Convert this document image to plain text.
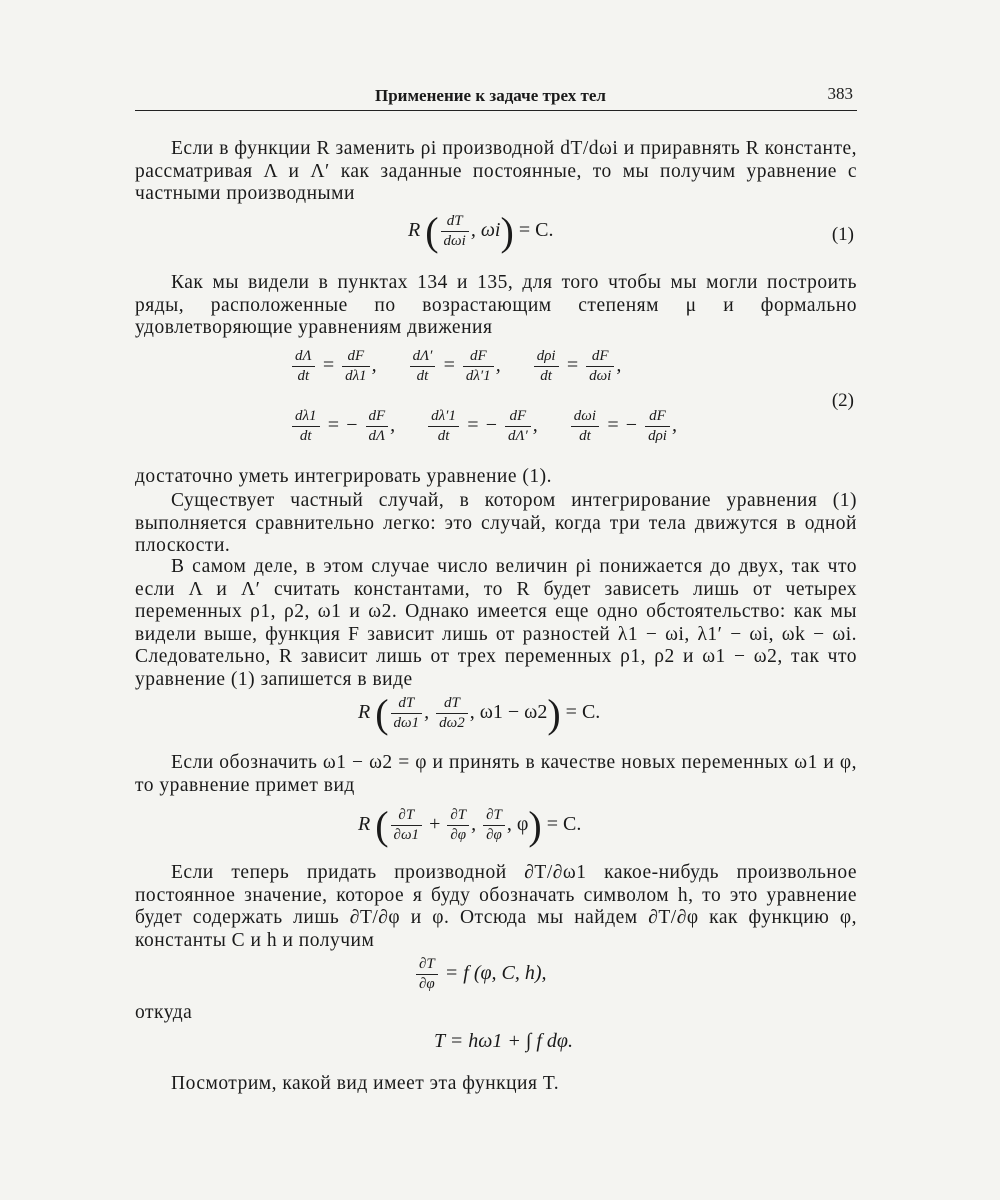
Применение к задаче трех тел	383
Если в функции R заменить ρi производной dT/dωi и приравнять R константе, рассматривая Λ и Λ′ как заданные постоянные, то мы получим уравнение с частными производными
R ( $\frac{dT}{\text{dωi}}$ , ωi) = C.	(1)
Как мы видели в пунктах 134 и 135, для того чтобы мы могли построить ряды, расположенные по возрастающим степеням μ и формально удовлетворяющие уравнениям движения
$\frac{d\Lambda}{dt} = \frac{dF}{d\lambda 1}$ , $\frac{d\Lambda'}{dt} = \frac{dF}{d\lambda'1}$ , $\frac{\text{dρi}}{dt} = \frac{dF}{\text{dωi}}$ ,
$\frac{d\lambda 1}{dt}$ = − $\frac{dF}{d\Lambda}$ , $\frac{d\lambda'1}{dt}$ = − $\frac{dF}{d\Lambda'}$ , $\frac{\text{dωi}}{dt}$ = − $\frac{dF}{\text{dρi}}$ ,
(2)
достаточно уметь интегрировать уравнение (1).
Существует частный случай, в котором интегрирование уравнения (1) выполняется сравнительно легко: это случай, когда три тела движутся в одной плоскости.
В самом деле, в этом случае число величин ρi понижается до двух, так что если Λ и Λ′ считать константами, то R будет зависеть лишь от четырех переменных ρ1, ρ2, ω1 и ω2. Однако имеется еще одно обстоятельство: как мы видели выше, функция F зависит лишь от разностей λ1 − ωi, λ1′ − ωi, ωk − ωi. Следовательно, R зависит лишь от трех переменных ρ1, ρ2 и ω1 − ω2, так что уравнение (1) запишется в виде
R ( $\frac{dT}{d\omega 1}$ , $\frac{dT}{d\omega 2}$ , ω1 − ω2) = C.
Если обозначить ω1 − ω2 = φ и принять в качестве новых переменных ω1 и φ, то уравнение примет вид
R ( $\frac{\partial T}{\partial\omega 1} + \frac{\partial T}{\partial\varphi}$ , $\frac{\partial T}{\partial\varphi}$ , φ) = C.
Если теперь придать производной ∂T/∂ω1 какое-нибудь произвольное постоянное значение, которое я буду обозначать символом h, то это уравнение будет содержать лишь ∂T/∂φ и φ. Отсюда мы найдем ∂T/∂φ как функцию φ, константы C и h и получим
$\frac{\partial T}{\partial\varphi} = f$ (φ, C, h),
откуда
T = hω1 + ∫ f dφ.
Посмотрим, какой вид имеет эта функция T.
